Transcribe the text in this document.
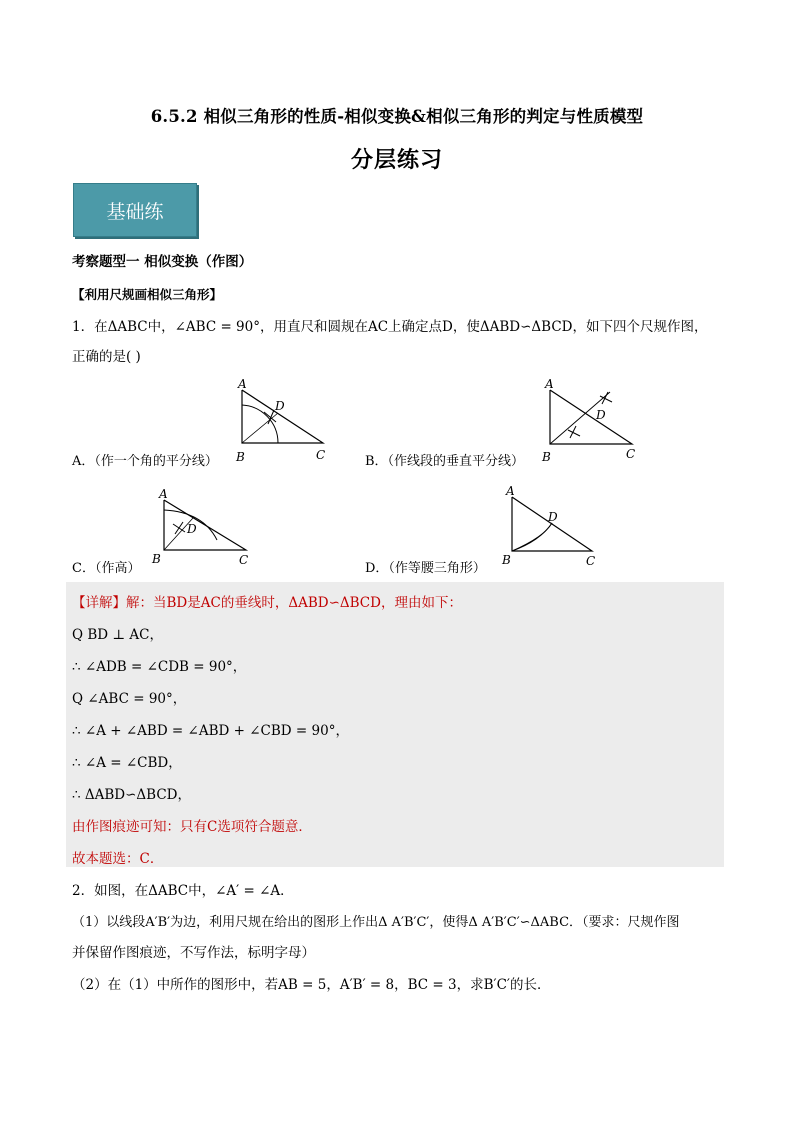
6.5.2 相似三角形的性质-相似变换&相似三角形的判定与性质模型
分层练习
基础练
考察题型一 相似变换（作图）
【利用尺规画相似三角形】
1．在ΔABC中，∠ABC = 90°，用直尺和圆规在AC上确定点D，使ΔABD∽ΔBCD，如下四个尺规作图，
正确的是( )
A
D
C
A．（作一个角的平分线） B
A
D
C
B．（作线段的垂直平分线） B
A
D
C
C．（作高）
B
A
D
C
D．（作等腰三角形）
B
【详解】解：当BD是AC的垂线时，ΔABD∽ΔBCD，理由如下：
Q BD ⊥ AC，
∴ ∠ADB = ∠CDB = 90°，
Q ∠ABC = 90°，
∴ ∠A + ∠ABD = ∠ABD + ∠CBD = 90°，
∴ ∠A = ∠CBD，
∴ ΔABD∽ΔBCD，
由作图痕迹可知：只有C选项符合题意．
故本题选：C．
2．如图，在ΔABC中，∠A′ = ∠A．
（1）以线段A′B′为边，利用尺规在给出的图形上作出Δ A′B′C′，使得Δ A′B′C′∽ΔABC．（要求：尺规作图
并保留作图痕迹，不写作法，标明字母）
（2）在（1）中所作的图形中，若AB = 5，A′B′ = 8，BC = 3，求B′C′的长．
